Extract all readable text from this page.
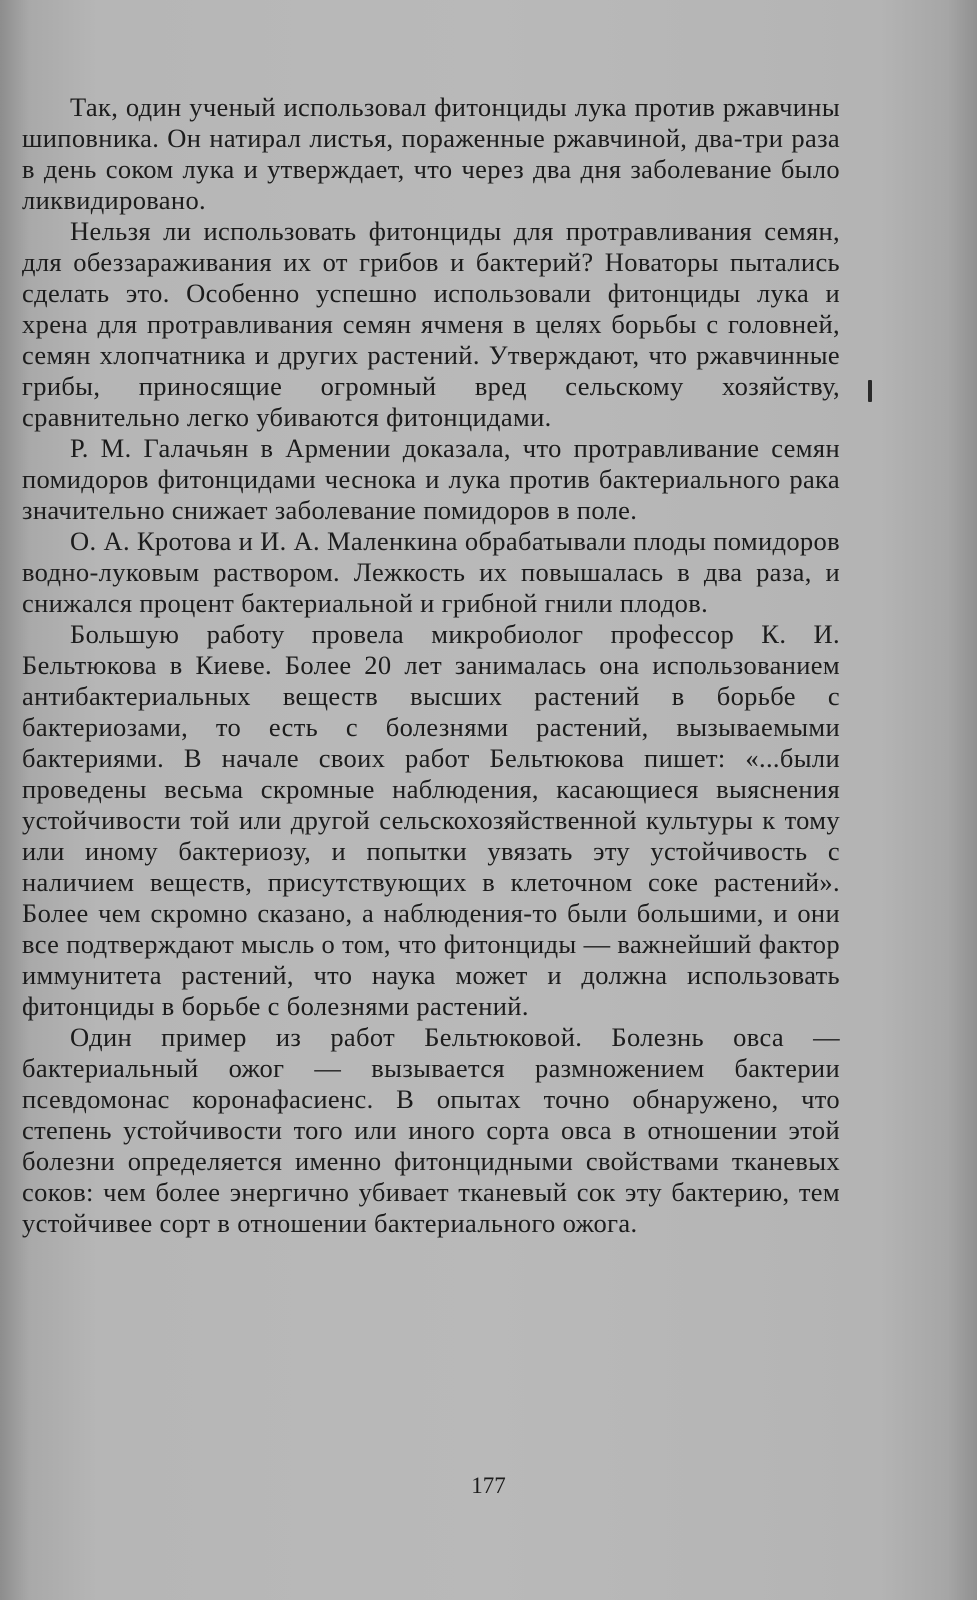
Так, один ученый использовал фитонциды лука против ржавчины шиповника. Он натирал листья, пораженные ржавчиной, два-три раза в день соком лука и утверждает, что через два дня заболевание было ликвидировано.

Нельзя ли использовать фитонциды для протравливания семян, для обеззараживания их от грибов и бактерий? Новаторы пытались сделать это. Особенно успешно использовали фитонциды лука и хрена для протравливания семян ячменя в целях борьбы с головней, семян хлопчатника и других растений. Утверждают, что ржавчинные грибы, приносящие огромный вред сельскому хозяйству, сравнительно легко убиваются фитонцидами.

Р. М. Галачьян в Армении доказала, что протравливание семян помидоров фитонцидами чеснока и лука против бактериального рака значительно снижает заболевание помидоров в поле.

О. А. Кротова и И. А. Маленкина обрабатывали плоды помидоров водно-луковым раствором. Лежкость их повышалась в два раза, и снижался процент бактериальной и грибной гнили плодов.

Большую работу провела микробиолог профессор К. И. Бельтюкова в Киеве. Более 20 лет занималась она использованием антибактериальных веществ высших растений в борьбе с бактериозами, то есть с болезнями растений, вызываемыми бактериями. В начале своих работ Бельтюкова пишет: «...были проведены весьма скромные наблюдения, касающиеся выяснения устойчивости той или другой сельскохозяйственной культуры к тому или иному бактериозу, и попытки увязать эту устойчивость с наличием веществ, присутствующих в клеточном соке растений». Более чем скромно сказано, а наблюдения-то были большими, и они все подтверждают мысль о том, что фитонциды — важнейший фактор иммунитета растений, что наука может и должна использовать фитонциды в борьбе с болезнями растений.

Один пример из работ Бельтюковой. Болезнь овса — бактериальный ожог — вызывается размножением бактерии псевдомонас коронафасиенс. В опытах точно обнаружено, что степень устойчивости того или иного сорта овса в отношении этой болезни определяется именно фитонцидными свойствами тканевых соков: чем более энергично убивает тканевый сок эту бактерию, тем устойчивее сорт в отношении бактериального ожога.

177
